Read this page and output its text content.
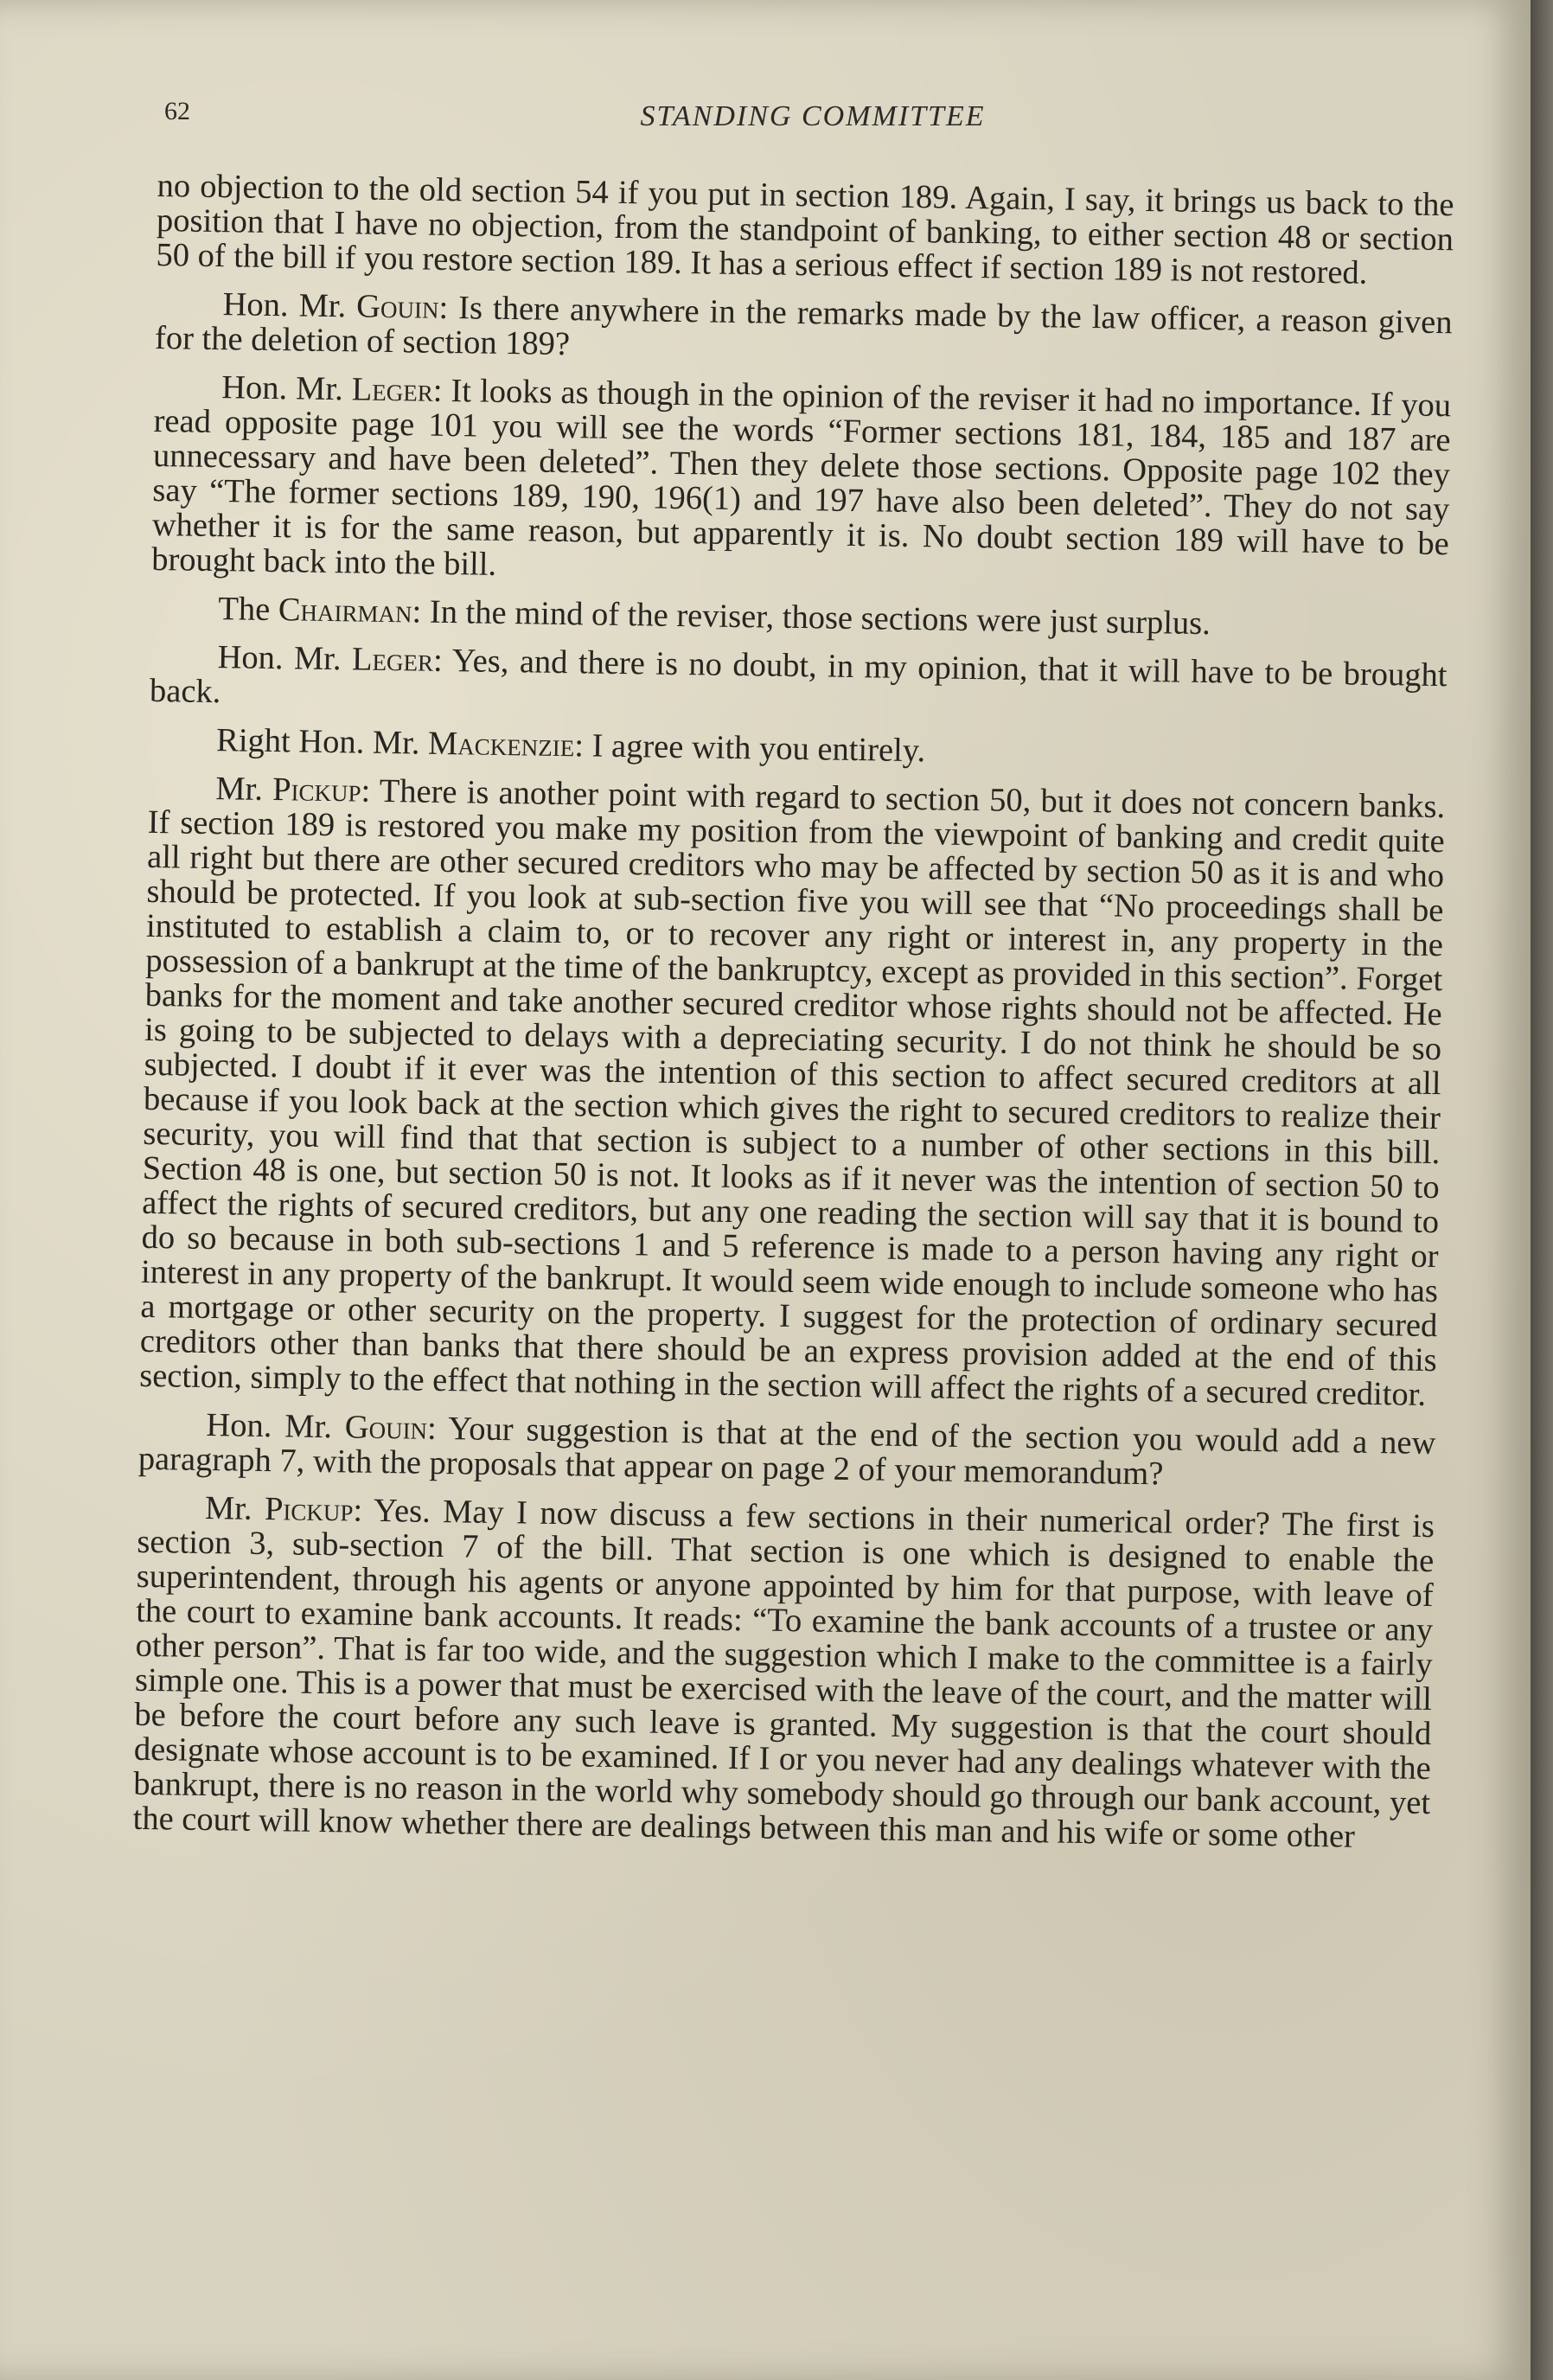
62	STANDING COMMITTEE

no objection to the old section 54 if you put in section 189. Again, I say, it brings us back to the position that I have no objection, from the standpoint of banking, to either section 48 or section 50 of the bill if you restore section 189. It has a serious effect if section 189 is not restored.

Hon. Mr. Gouin: Is there anywhere in the remarks made by the law officer, a reason given for the deletion of section 189?

Hon. Mr. Leger: It looks as though in the opinion of the reviser it had no importance. If you read opposite page 101 you will see the words “Former sections 181, 184, 185 and 187 are unnecessary and have been deleted”. Then they delete those sections. Opposite page 102 they say “The former sections 189, 190, 196(1) and 197 have also been deleted”. They do not say whether it is for the same reason, but apparently it is. No doubt section 189 will have to be brought back into the bill.

The Chairman: In the mind of the reviser, those sections were just surplus.

Hon. Mr. Leger: Yes, and there is no doubt, in my opinion, that it will have to be brought back.

Right Hon. Mr. Mackenzie: I agree with you entirely.

Mr. Pickup: There is another point with regard to section 50, but it does not concern banks. If section 189 is restored you make my position from the viewpoint of banking and credit quite all right but there are other secured creditors who may be affected by section 50 as it is and who should be protected. If you look at sub-section five you will see that “No proceedings shall be instituted to establish a claim to, or to recover any right or interest in, any property in the possession of a bankrupt at the time of the bankruptcy, except as provided in this section”. Forget banks for the moment and take another secured creditor whose rights should not be affected. He is going to be subjected to delays with a depreciating security. I do not think he should be so subjected. I doubt if it ever was the intention of this section to affect secured creditors at all because if you look back at the section which gives the right to secured creditors to realize their security, you will find that that section is subject to a number of other sections in this bill. Section 48 is one, but section 50 is not. It looks as if it never was the intention of section 50 to affect the rights of secured creditors, but any one reading the section will say that it is bound to do so because in both sub-sections 1 and 5 reference is made to a person having any right or interest in any property of the bankrupt. It would seem wide enough to include someone who has a mortgage or other security on the property. I suggest for the protection of ordinary secured creditors other than banks that there should be an express provision added at the end of this section, simply to the effect that nothing in the section will affect the rights of a secured creditor.

Hon. Mr. Gouin: Your suggestion is that at the end of the section you would add a new paragraph 7, with the proposals that appear on page 2 of your memorandum?

Mr. Pickup: Yes. May I now discuss a few sections in their numerical order? The first is section 3, sub-section 7 of the bill. That section is one which is designed to enable the superintendent, through his agents or anyone appointed by him for that purpose, with leave of the court to examine bank accounts. It reads: “To examine the bank accounts of a trustee or any other person”. That is far too wide, and the suggestion which I make to the committee is a fairly simple one. This is a power that must be exercised with the leave of the court, and the matter will be before the court before any such leave is granted. My suggestion is that the court should designate whose account is to be examined. If I or you never had any dealings whatever with the bankrupt, there is no reason in the world why somebody should go through our bank account, yet the court will know whether there are dealings between this man and his wife or some other
